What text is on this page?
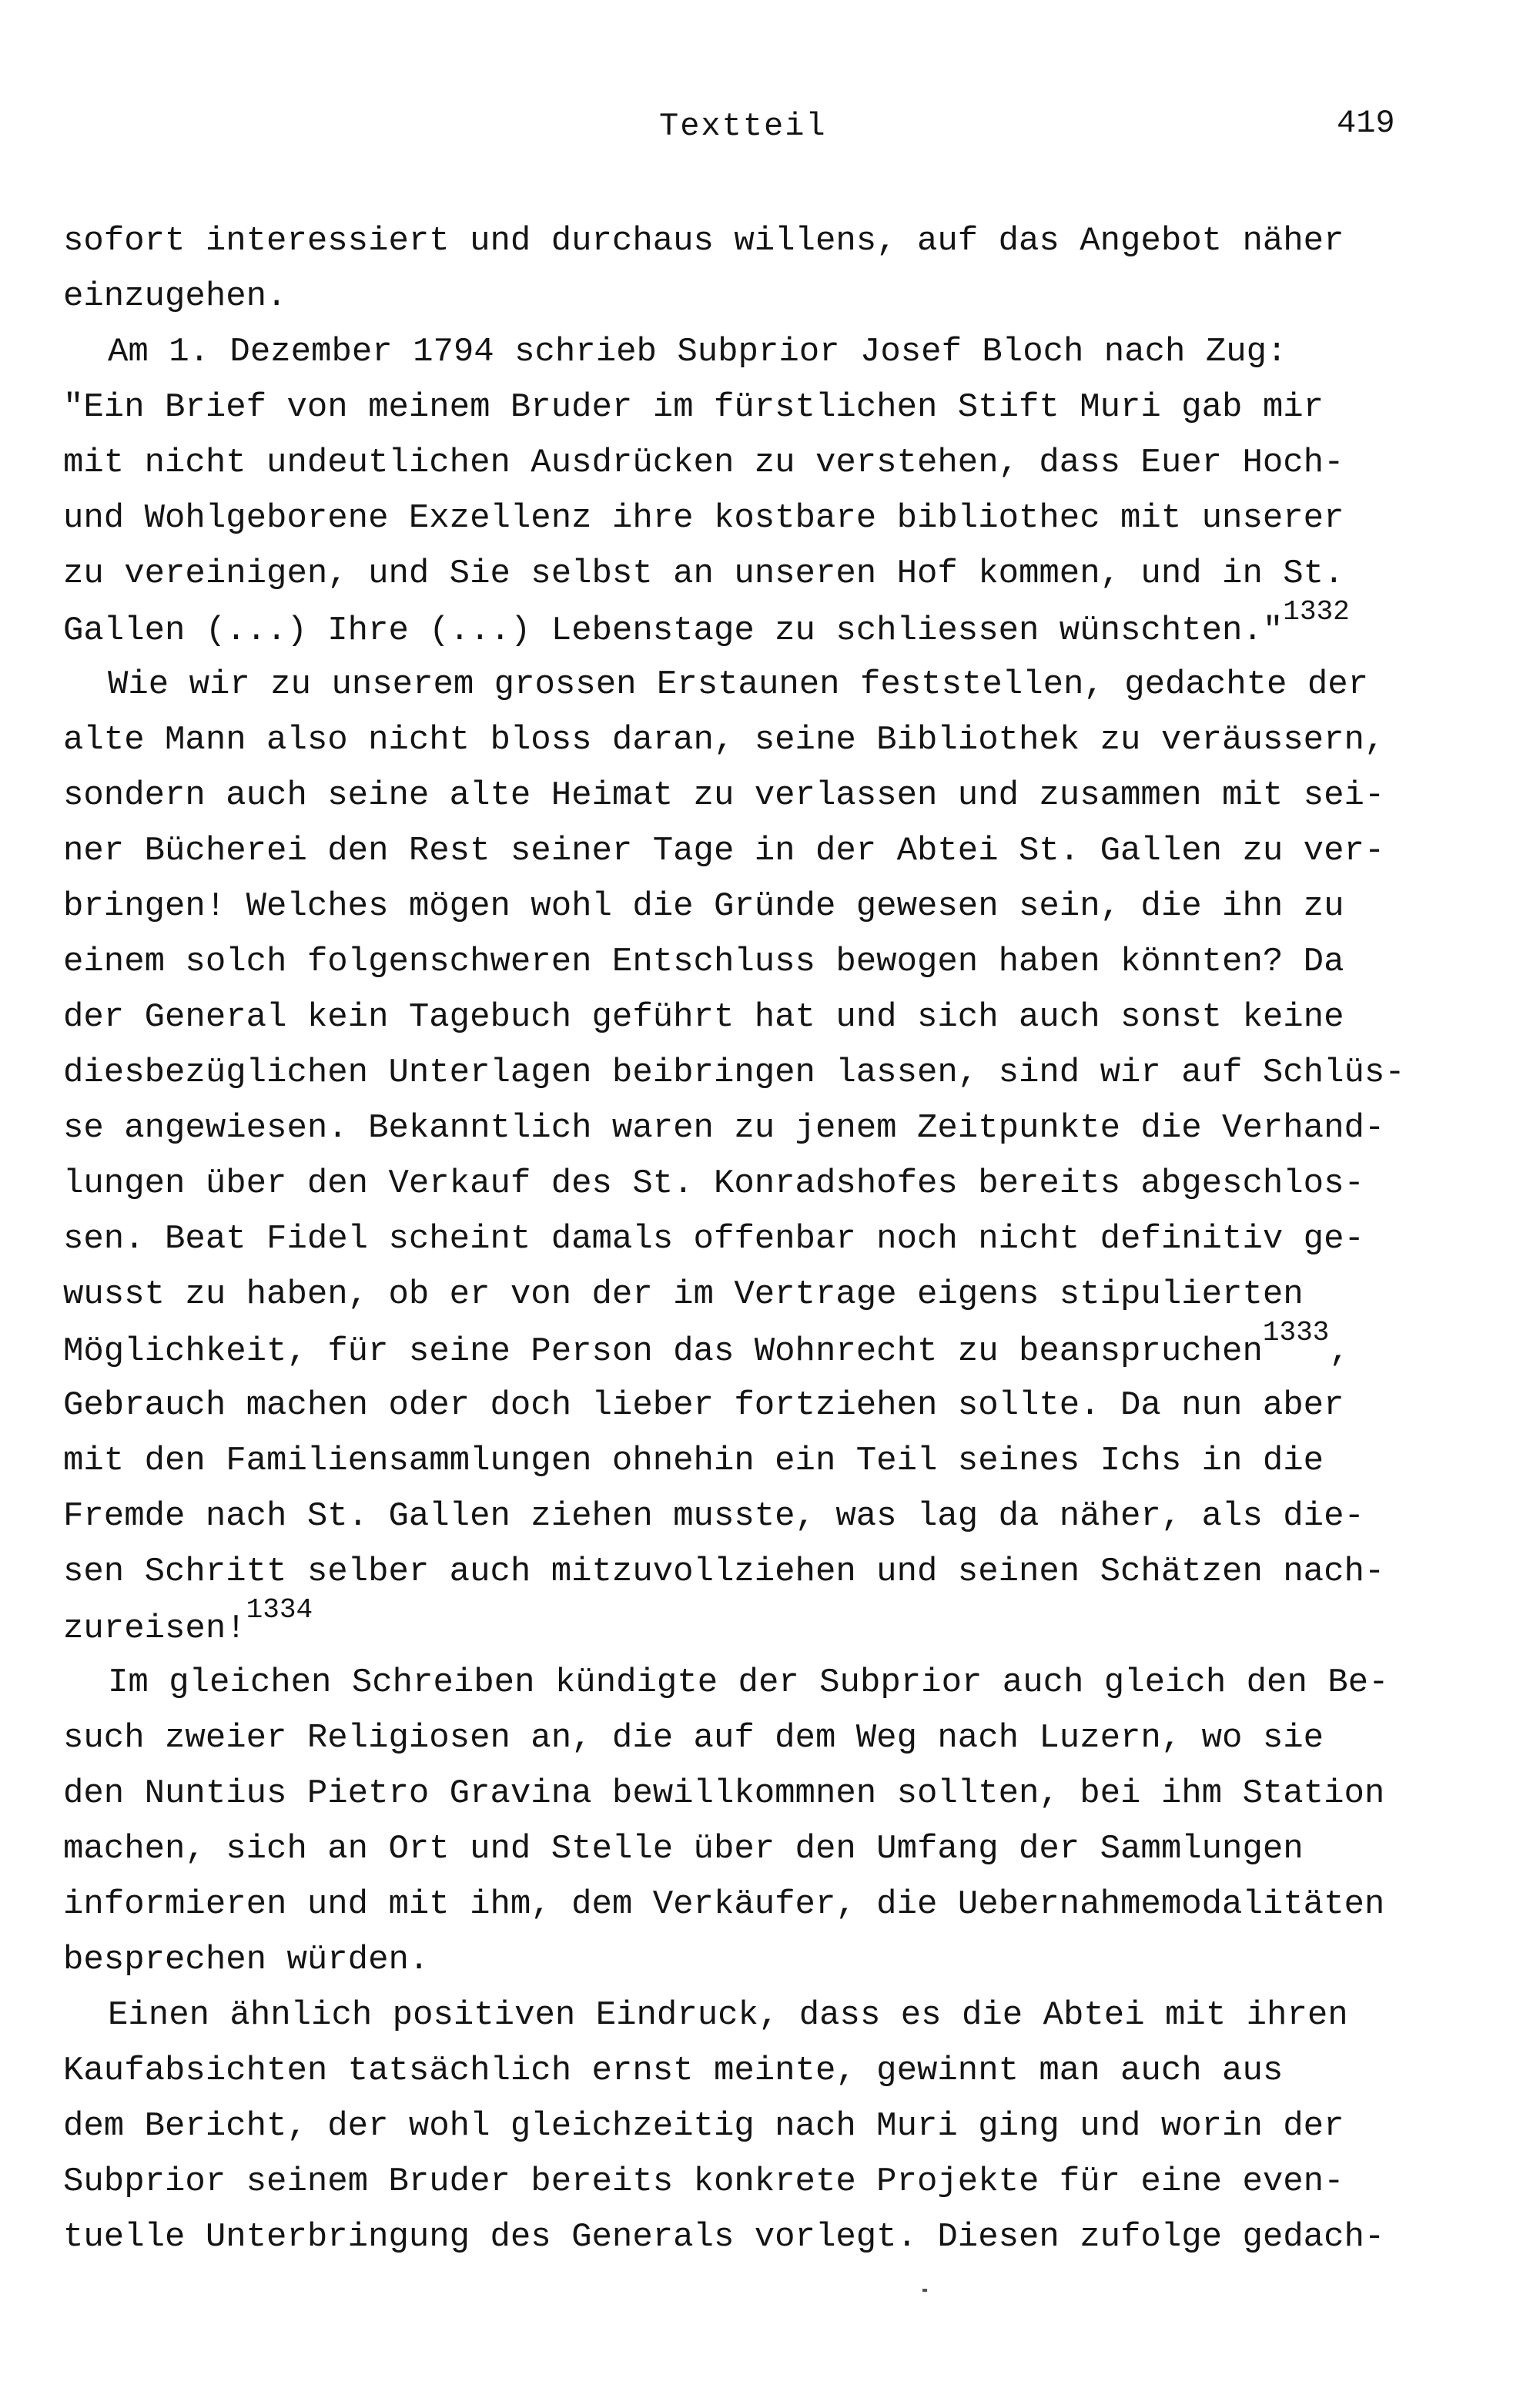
Textteil	419
sofort interessiert und durchaus willens, auf das Angebot näher
einzugehen.
Am 1. Dezember 1794 schrieb Subprior Josef Bloch nach Zug:
"Ein Brief von meinem Bruder im fürstlichen Stift Muri gab mir
mit nicht undeutlichen Ausdrücken zu verstehen, dass Euer Hoch-
und Wohlgeborene Exzellenz ihre kostbare bibliothec mit unserer
zu vereinigen, und Sie selbst an unseren Hof kommen, und in St.
Gallen (...) Ihre (...) Lebenstage zu schliessen wünschten."$^{1332}$
Wie wir zu unserem grossen Erstaunen feststellen, gedachte der
alte Mann also nicht bloss daran, seine Bibliothek zu veräussern,
sondern auch seine alte Heimat zu verlassen und zusammen mit sei-
ner Bücherei den Rest seiner Tage in der Abtei St. Gallen zu ver-
bringen! Welches mögen wohl die Gründe gewesen sein, die ihn zu
einem solch folgenschweren Entschluss bewogen haben könnten? Da
der General kein Tagebuch geführt hat und sich auch sonst keine
diesbezüglichen Unterlagen beibringen lassen, sind wir auf Schlüs-
se angewiesen. Bekanntlich waren zu jenem Zeitpunkte die Verhand-
lungen über den Verkauf des St. Konradshofes bereits abgeschlos-
sen. Beat Fidel scheint damals offenbar noch nicht definitiv ge-
wusst zu haben, ob er von der im Vertrage eigens stipulierten
Möglichkeit, für seine Person das Wohnrecht zu beanspruchen$^{1333}$,
Gebrauch machen oder doch lieber fortziehen sollte. Da nun aber
mit den Familiensammlungen ohnehin ein Teil seines Ichs in die
Fremde nach St. Gallen ziehen musste, was lag da näher, als die-
sen Schritt selber auch mitzuvollziehen und seinen Schätzen nach-
zureisen!$^{1334}$
Im gleichen Schreiben kündigte der Subprior auch gleich den Be-
such zweier Religiosen an, die auf dem Weg nach Luzern, wo sie
den Nuntius Pietro Gravina bewillkommnen sollten, bei ihm Station
machen, sich an Ort und Stelle über den Umfang der Sammlungen
informieren und mit ihm, dem Verkäufer, die Uebernahmemodalitäten
besprechen würden.
Einen ähnlich positiven Eindruck, dass es die Abtei mit ihren
Kaufabsichten tatsächlich ernst meinte, gewinnt man auch aus
dem Bericht, der wohl gleichzeitig nach Muri ging und worin der
Subprior seinem Bruder bereits konkrete Projekte für eine even-
tuelle Unterbringung des Generals vorlegt. Diesen zufolge gedach-
